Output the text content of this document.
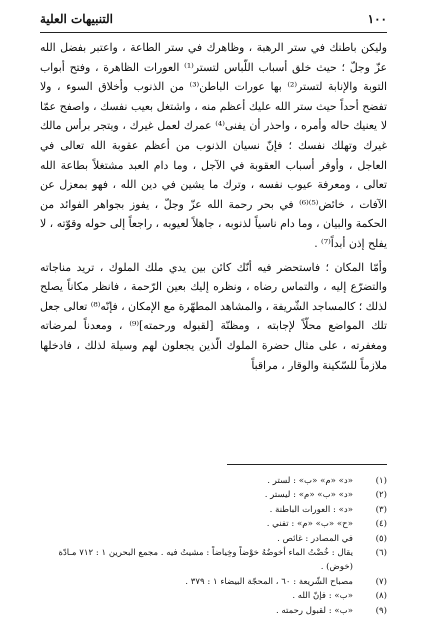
١٠٠
التنبيهات العلية

وليكن باطنك في ستر الرهبة ، وظاهرك في ستر الطاعة ، واعتبر بفضل الله عزّ وجلّ ؛ حيث خلق أسباب اللّباس لتستر⁽¹⁾ العورات الظاهرة ، وفتح أبواب التوبة والإنابة لتستر⁽²⁾ بها عورات الباطن⁽³⁾ من الذنوب وأخلاق السوء ، ولا تفضح أحداً حيث ستر الله عليك أعظم منه ، واشتغل بعيب نفسك ، واصفح عمّا لا يعنيك حاله وأمره ، واحذر أن يفنى⁽⁴⁾ عمرك لعمل غيرك ، ويتجر برأس مالك غيرك وتهلك نفسك ؛ فإنّ نسيان الذنوب من أعظم عقوبة الله تعالى في العاجل ، وأوفر أسباب العقوبة في الآجل ، وما دام العبد مشتغلاً بطاعة الله تعالى ، ومعرفة عيوب نفسه ، وترك ما يشين في دين الله ، فهو بمعزل عن الآفات ، خائض⁽⁵⁾⁽⁶⁾ في بحر رحمة الله عزّ وجلّ ، يفوز بجواهر الفوائد من الحكمة والبيان ، وما دام ناسياً لذنوبه ، جاهلاً لعيوبه ، راجعاً إلى حوله وقوّته ، لا يفلح إذن أبداً⁽⁷⁾ .

وأمّا المكان ؛ فاستحضر فيه أنّك كائن بين يدي ملك الملوك ، تريد مناجاته والتضرّع إليه ، والتماس رضاه ، ونظره إليك بعين الرّحمة ، فانظر مكاناً يصلح لذلك ؛ كالمساجد الشّريفة ، والمشاهد المطهّرة مع الإمكان ، فإنّه⁽⁸⁾ تعالى جعل تلك المواضع محلّاً لإجابته ، ومظنّة [لقبوله ورحمته]⁽⁹⁾ ، ومعدناً لمرضاته ومغفرته ، على مثال حضرة الملوك الّذين يجعلون لهم وسيلة لذلك ، فادخلها ملازماً للسّكينة والوقار ، مراقباً

(١)
«د» «م» «ب» : لستر .
(٢)
«د» «ب» «م» : ليستر .
(٣)
«د» : العورات الباطنة .
(٤)
«ح» «ب» «م» : تفني .
(٥)
في المصادر : غائص .
(٦)
يقال : خُضْتُ الماء أخوضُهُ خوْضاً وخِياضاً : مشيتُ فيه . مجمع البحرين ١ : ٧١٢ مـادّة (خوض) .
(٧)
مصباح الشّريعة : ٦٠ ، المحجّة البيضاء ١ : ٣٧٩ .
(٨)
«ب» : فإنّ الله .
(٩)
«ب» : لقبول رحمته .
